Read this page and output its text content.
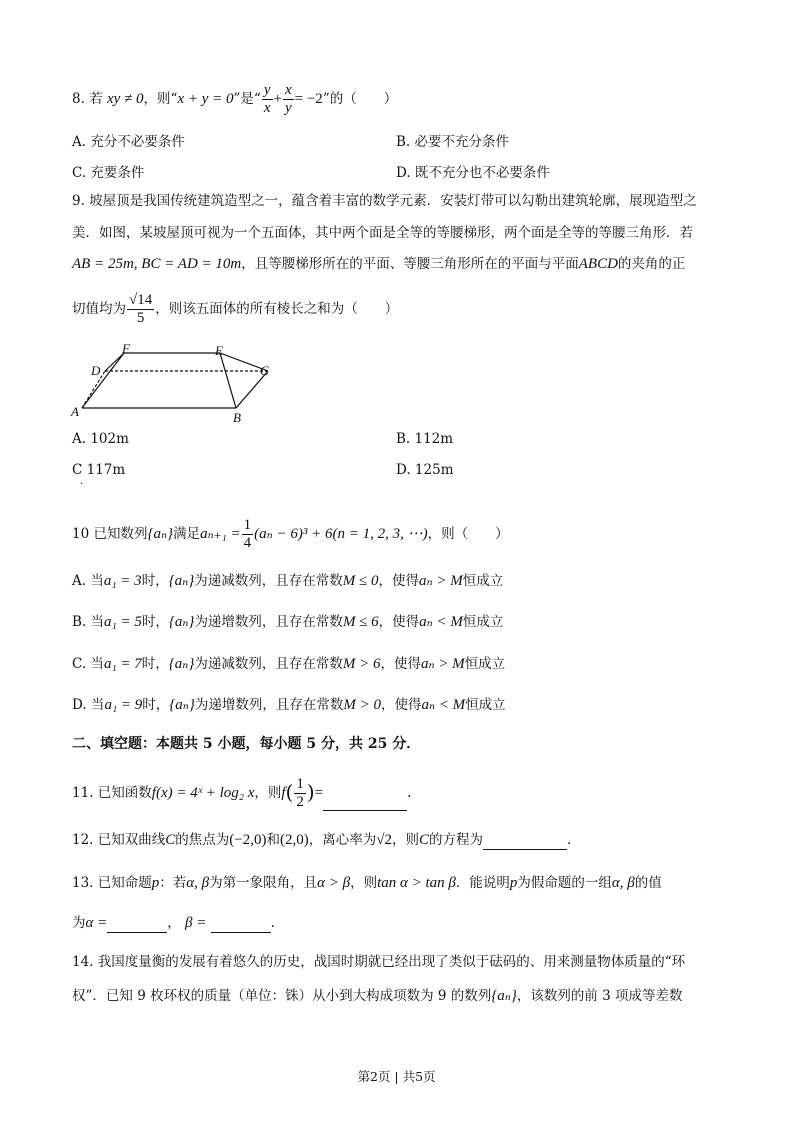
8. 若 xy ≠ 0，则“x + y = 0”是“ $\frac{y}{x} + \frac{x}{y} = -2$”的（　　）
A. 充分不必要条件	B. 必要不充分条件
C. 充要条件	D. 既不充分也不必要条件
9. 坡屋顶是我国传统建筑造型之一，蕴含着丰富的数学元素．安装灯带可以勾勒出建筑轮廓，展现造型之
美．如图，某坡屋顶可视为一个五面体，其中两个面是全等的等腰梯形，两个面是全等的等腰三角形．若
AB = 25m, BC = AD = 10m，且等腰梯形所在的平面、等腰三角形所在的平面与平面ABCD的夹角的正
切值均为 $\frac{√14}{5}$ ，则该五面体的所有棱长之和为（　　）
A	B
C
D
E
F
A. 102m	B. 112m
C 117m	D. 125m
.
10 已知数列{aₙ}满足$a_{n+1} = \frac{1}{4} (a_n - 6)^3 + 6(n = 1$, 2, 3, ⋯)，则（　　）
A. 当a₁ = 3时，{aₙ}为递减数列，且存在常数M ≤ 0，使得aₙ > M恒成立
B. 当a₁ = 5时，{aₙ}为递增数列，且存在常数M ≤ 6，使得aₙ < M恒成立
C. 当a₁ = 7时，{aₙ}为递减数列，且存在常数M > 6，使得aₙ > M恒成立
D. 当a₁ = 9时，{aₙ}为递增数列，且存在常数M > 0，使得aₙ < M恒成立
二、填空题：本题共 5 小题，每小题 5 分，共 25 分．
11. 已知函数f(x) = 4ˣ + log₂ x，则$f( \frac{1}{2}$ )=	.
12. 已知双曲线C的焦点为(−2,0)和(2,0)，离心率为√2，则C的方程为	.
13. 已知命题p：若α, β为第一象限角，且α > β，则tan α > tan β．能说明p为假命题的一组α, β的值
为α =	， β =	.
14. 我国度量衡的发展有着悠久的历史，战国时期就已经出现了类似于砝码的、用来测量物体质量的“环
权”．已知 9 枚环权的质量（单位：铢）从小到大构成项数为 9 的数列{aₙ}，该数列的前 3 项成等差数
第2页 | 共5页
